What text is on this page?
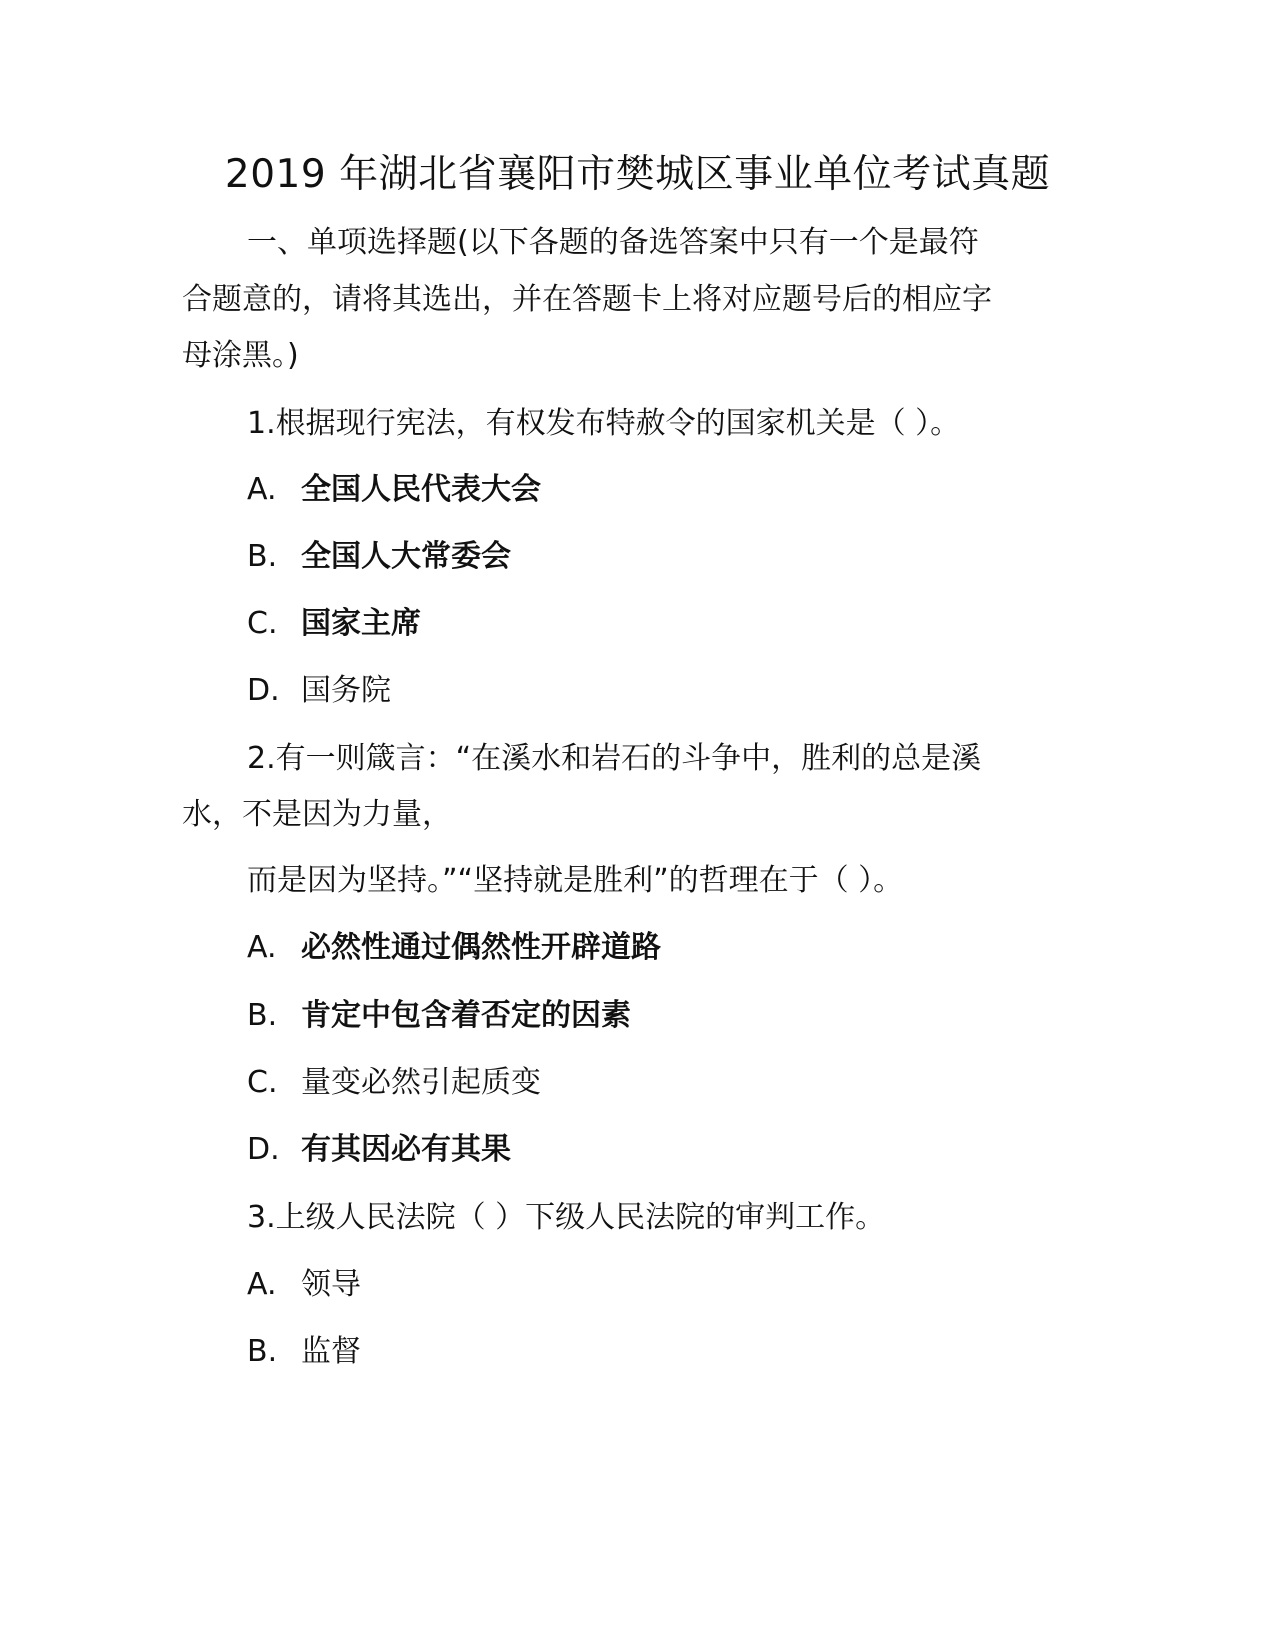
2019 年湖北省襄阳市樊城区事业单位考试真题
一、单项选择题(以下各题的备选答案中只有一个是最符
合题意的，请将其选出，并在答题卡上将对应题号后的相应字
母涂黑。)
1.根据现行宪法，有权发布特赦令的国家机关是（ ）。
A. 全国人民代表大会
B. 全国人大常委会
C. 国家主席
D. 国务院
2.有一则箴言：“在溪水和岩石的斗争中，胜利的总是溪
水，不是因为力量，
而是因为坚持。”“坚持就是胜利”的哲理在于（ ）。
A. 必然性通过偶然性开辟道路
B. 肯定中包含着否定的因素
C. 量变必然引起质变
D. 有其因必有其果
3.上级人民法院（ ）下级人民法院的审判工作。
A. 领导
B. 监督
